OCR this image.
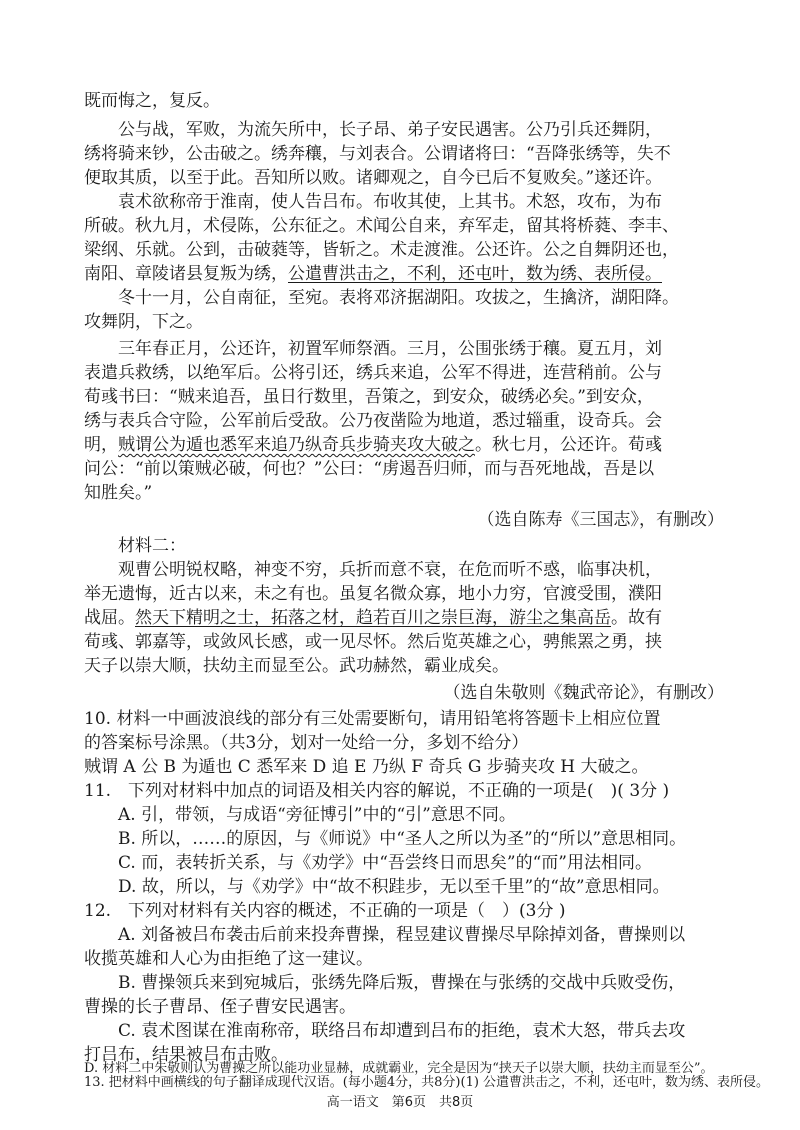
既而悔之，复反。
公与战，军败，为流矢所中，长子昂、弟子安民遇害。公乃引兵还舞阴，
绣将骑来钞，公击破之。绣奔穰，与刘表合。公谓诸将曰：“吾降张绣等，失不
便取其质，以至于此。吾知所以败。诸卿观之，自今已后不复败矣。”遂还许。
袁术欲称帝于淮南，使人告吕布。布收其使，上其书。术怒，攻布，为布
所破。秋九月，术侵陈，公东征之。术闻公自来，弃军走，留其将桥蕤、李丰、
梁纲、乐就。公到，击破蕤等，皆斩之。术走渡淮。公还许。公之自舞阴还也，
南阳、章陵诸县复叛为绣，公遣曹洪击之，不利，还屯叶，数为绣、表所侵。
冬十一月，公自南征，至宛。表将邓济据湖阳。攻拔之，生擒济，湖阳降。
攻舞阴，下之。
三年春正月，公还许，初置军师祭酒。三月，公围张绣于穰。夏五月，刘
表遣兵救绣，以绝军后。公将引还，绣兵来追，公军不得进，连营稍前。公与
荀彧书曰：“贼来追吾，虽日行数里，吾策之，到安众，破绣必矣。”到安众，
绣与表兵合守险，公军前后受敌。公乃夜凿险为地道，悉过辎重，设奇兵。会
明，贼谓公为遁也悉军来追乃纵奇兵步骑夹攻大破之。秋七月，公还许。荀彧
问公：“前以策贼必破，何也？”公曰：“虏遏吾归师，而与吾死地战，吾是以
知胜矣。”
（选自陈寿《三国志》，有删改）
材料二：
观曹公明锐权略，神变不穷，兵折而意不衰，在危而听不惑，临事决机，
举无遗悔，近古以来，未之有也。虽复名微众寡，地小力穷，官渡受围，濮阳
战屈。然天下精明之士，拓落之材，趋若百川之崇巨海，游尘之集高岳。故有
荀彧、郭嘉等，或敛风长感，或一见尽怀。然后览英雄之心，骋熊罴之勇，挟
天子以崇大顺，扶幼主而显至公。武功赫然，霸业成矣。
（选自朱敬则《魏武帝论》，有删改）
10. 材料一中画波浪线的部分有三处需要断句，请用铅笔将答题卡上相应位置
的答案标号涂黑。（共3分，划对一处给一分，多划不给分）
贼谓 A 公 B 为遁也 C 悉军来 D 追 E 乃纵 F 奇兵 G 步骑夹攻 H 大破之。
11.　下列对材料中加点的词语及相关内容的解说，不正确的一项是(　)( 3分 )
A. 引，带领，与成语“旁征博引”中的“引”意思不同。
B. 所以，……的原因，与《师说》中“圣人之所以为圣”的“所以”意思相同。
C. 而，表转折关系，与《劝学》中“吾尝终日而思矣”的“而”用法相同。
D. 故，所以，与《劝学》中“故不积跬步，无以至千里”的“故”意思相同。
12.　下列对材料有关内容的概述，不正确的一项是（　）(3分 )
A. 刘备被吕布袭击后前来投奔曹操，程昱建议曹操尽早除掉刘备，曹操则以
收揽英雄和人心为由拒绝了这一建议。
B. 曹操领兵来到宛城后，张绣先降后叛，曹操在与张绣的交战中兵败受伤，
曹操的长子曹昂、侄子曹安民遇害。
C. 袁术图谋在淮南称帝，联络吕布却遭到吕布的拒绝，袁术大怒，带兵去攻
打吕布，结果被吕布击败。
高一语文　第6页　共8页
D. 材料二中朱敬则认为曹操之所以能功业显赫，成就霸业，完全是因为“挟天子以崇大顺，扶幼主而显至公”。
13. 把材料中画横线的句子翻译成现代汉语。(每小题4分，共8分)(1) 公遣曹洪击之，不利，还屯叶，数为绣、表所侵。
